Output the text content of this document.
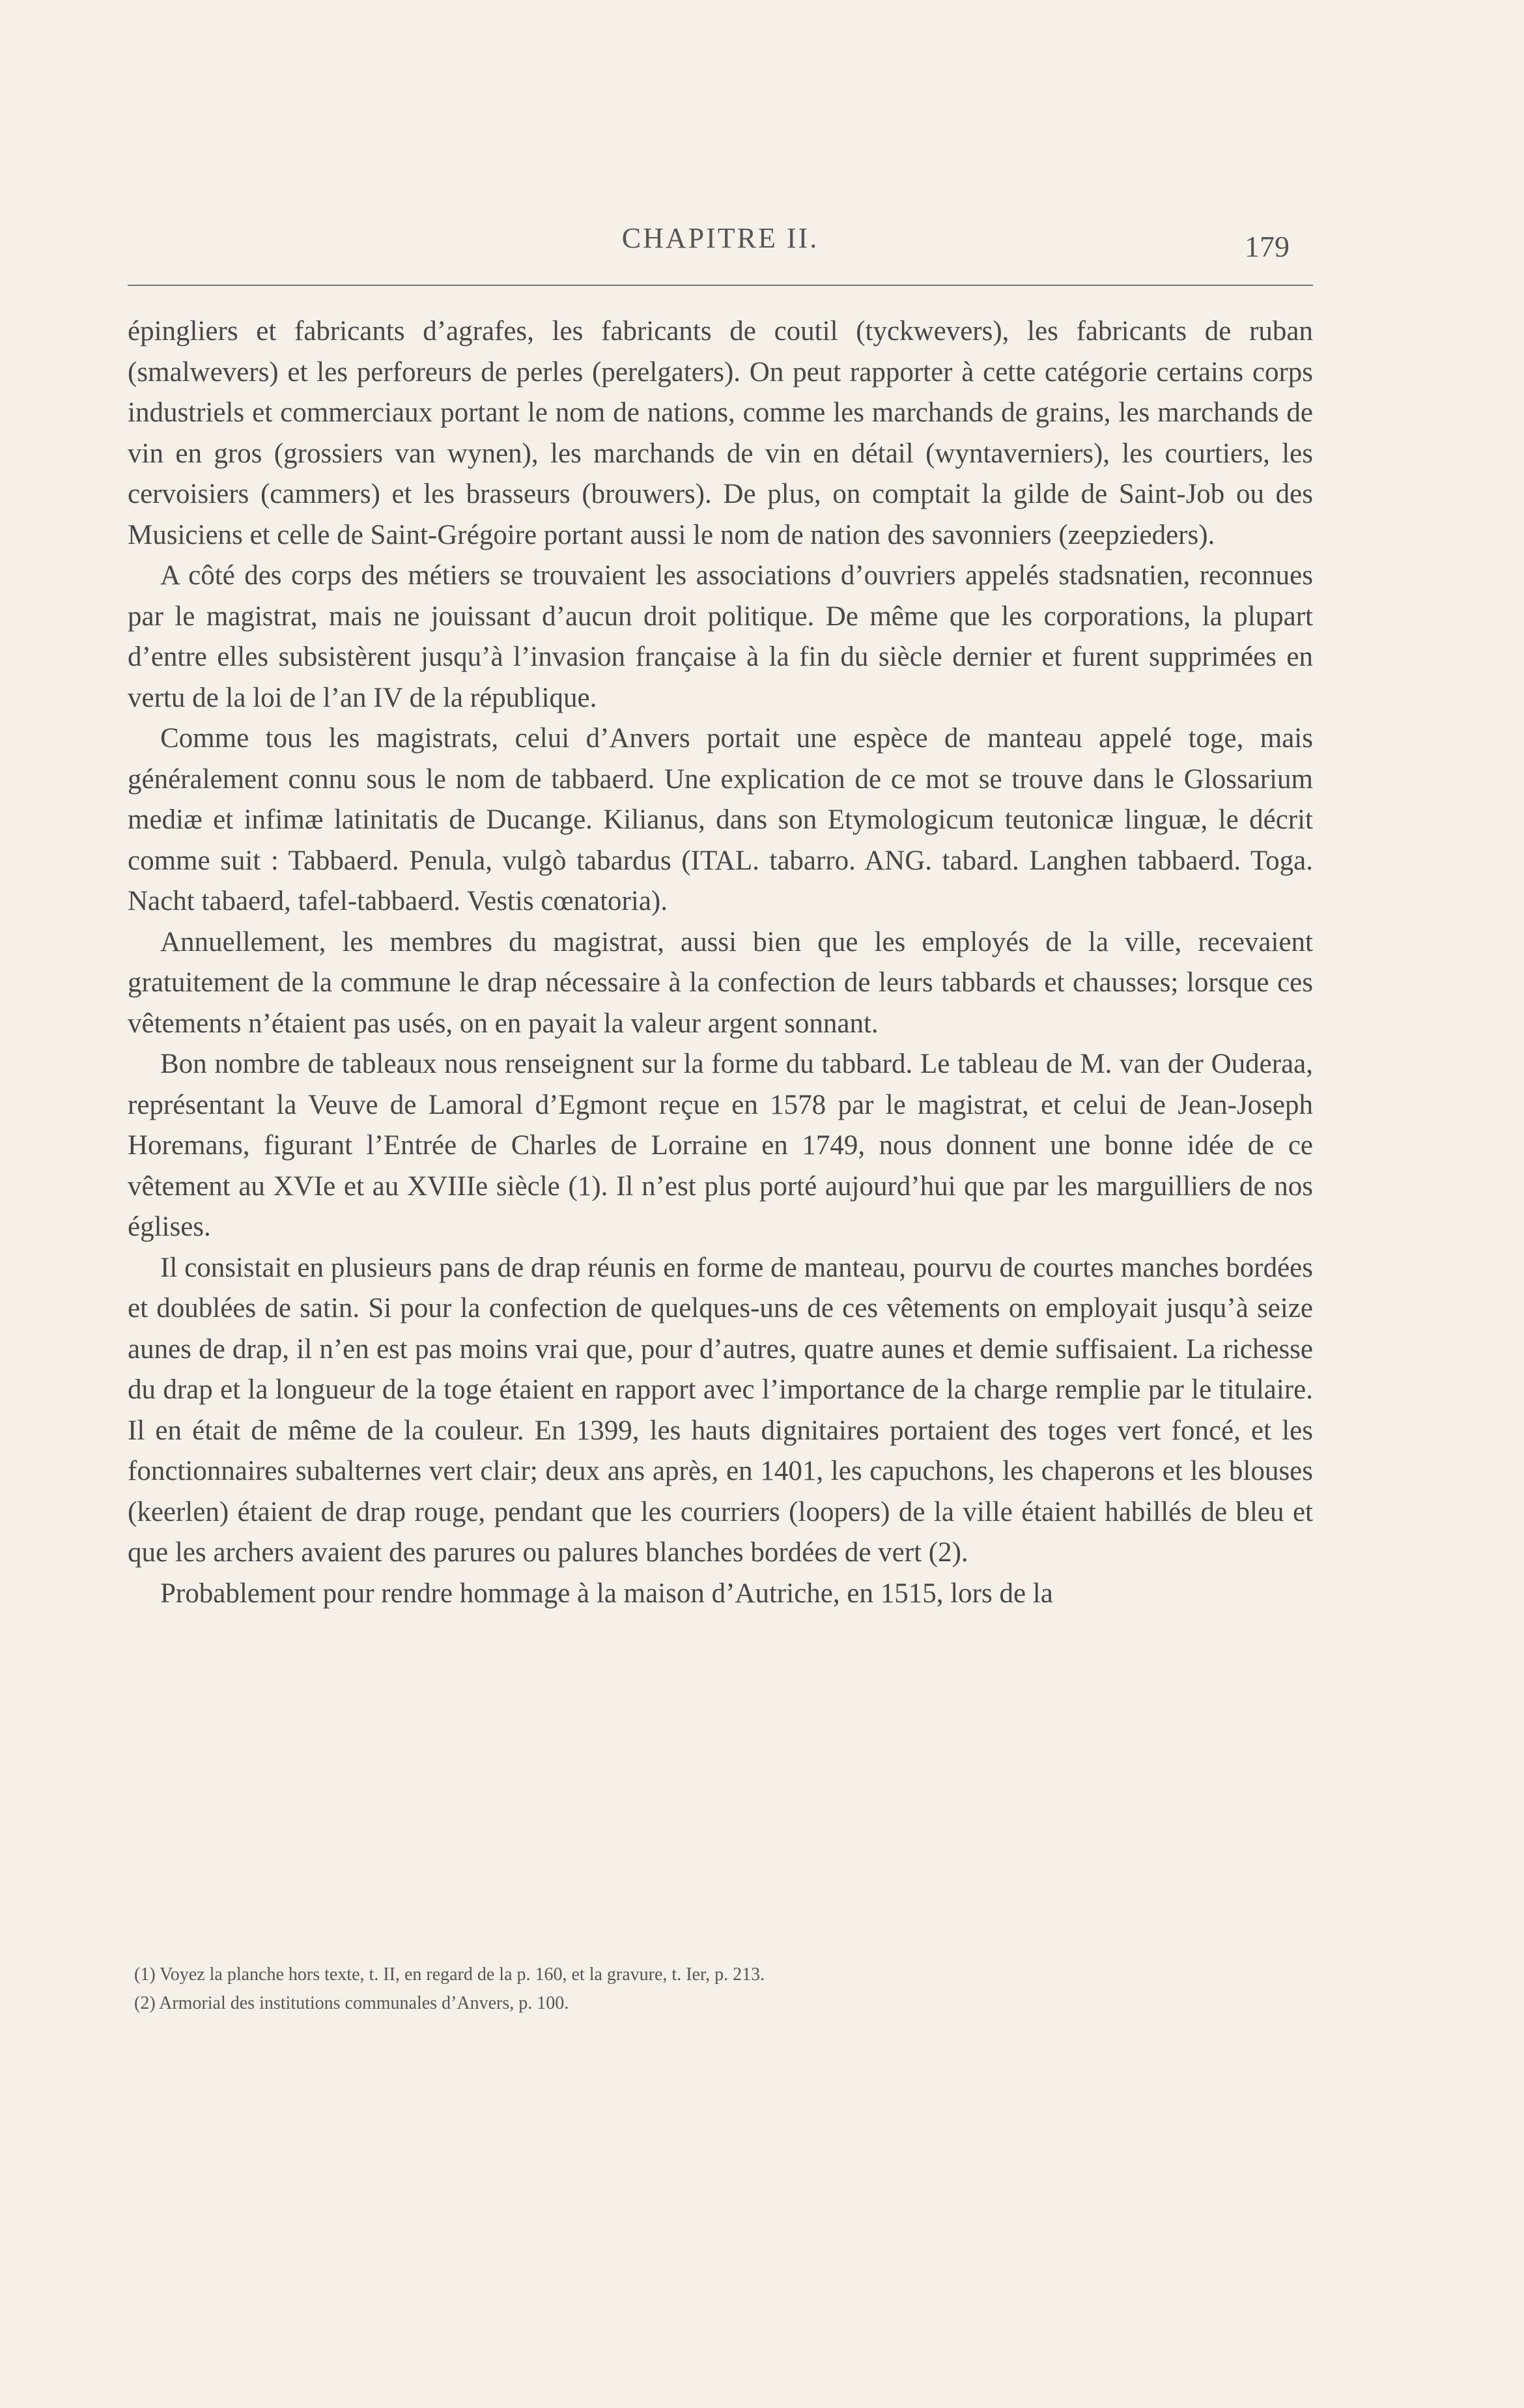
CHAPITRE II.	179

épingliers et fabricants d’agrafes, les fabricants de coutil (tyckwevers), les fabricants de ruban (smalwevers) et les perforeurs de perles (perelgaters). On peut rapporter à cette catégorie certains corps industriels et commerciaux portant le nom de nations, comme les marchands de grains, les marchands de vin en gros (grossiers van wynen), les marchands de vin en détail (wyntaverniers), les courtiers, les cervoisiers (cammers) et les brasseurs (brouwers). De plus, on comptait la gilde de Saint-Job ou des Musiciens et celle de Saint-Grégoire portant aussi le nom de nation des savonniers (zeepzieders).

A côté des corps des métiers se trouvaient les associations d’ouvriers appelés stadsnatien, reconnues par le magistrat, mais ne jouissant d’aucun droit politique. De même que les corporations, la plupart d’entre elles subsistèrent jusqu’à l’invasion française à la fin du siècle dernier et furent supprimées en vertu de la loi de l’an IV de la république.

Comme tous les magistrats, celui d’Anvers portait une espèce de manteau appelé toge, mais généralement connu sous le nom de tabbaerd. Une explication de ce mot se trouve dans le Glossarium mediæ et infimæ latinitatis de Ducange. Kilianus, dans son Etymologicum teutonicæ linguæ, le décrit comme suit : Tabbaerd. Penula, vulgò tabardus (ITAL. tabarro. ANG. tabard. Langhen tabbaerd. Toga. Nacht tabaerd, tafel-tabbaerd. Vestis cœnatoria).

Annuellement, les membres du magistrat, aussi bien que les employés de la ville, recevaient gratuitement de la commune le drap nécessaire à la confection de leurs tabbards et chausses; lorsque ces vêtements n’étaient pas usés, on en payait la valeur argent sonnant.

Bon nombre de tableaux nous renseignent sur la forme du tabbard. Le tableau de M. van der Ouderaa, représentant la Veuve de Lamoral d’Egmont reçue en 1578 par le magistrat, et celui de Jean-Joseph Horemans, figurant l’Entrée de Charles de Lorraine en 1749, nous donnent une bonne idée de ce vêtement au XVIe et au XVIIIe siècle (1). Il n’est plus porté aujourd’hui que par les marguilliers de nos églises.

Il consistait en plusieurs pans de drap réunis en forme de manteau, pourvu de courtes manches bordées et doublées de satin. Si pour la confection de quelques-uns de ces vêtements on employait jusqu’à seize aunes de drap, il n’en est pas moins vrai que, pour d’autres, quatre aunes et demie suffisaient. La richesse du drap et la longueur de la toge étaient en rapport avec l’importance de la charge remplie par le titulaire. Il en était de même de la couleur. En 1399, les hauts dignitaires portaient des toges vert foncé, et les fonctionnaires subalternes vert clair; deux ans après, en 1401, les capuchons, les chaperons et les blouses (keerlen) étaient de drap rouge, pendant que les courriers (loopers) de la ville étaient habillés de bleu et que les archers avaient des parures ou palures blanches bordées de vert (2).

Probablement pour rendre hommage à la maison d’Autriche, en 1515, lors de la

(1) Voyez la planche hors texte, t. II, en regard de la p. 160, et la gravure, t. Ier, p. 213.
(2) Armorial des institutions communales d’Anvers, p. 100.
